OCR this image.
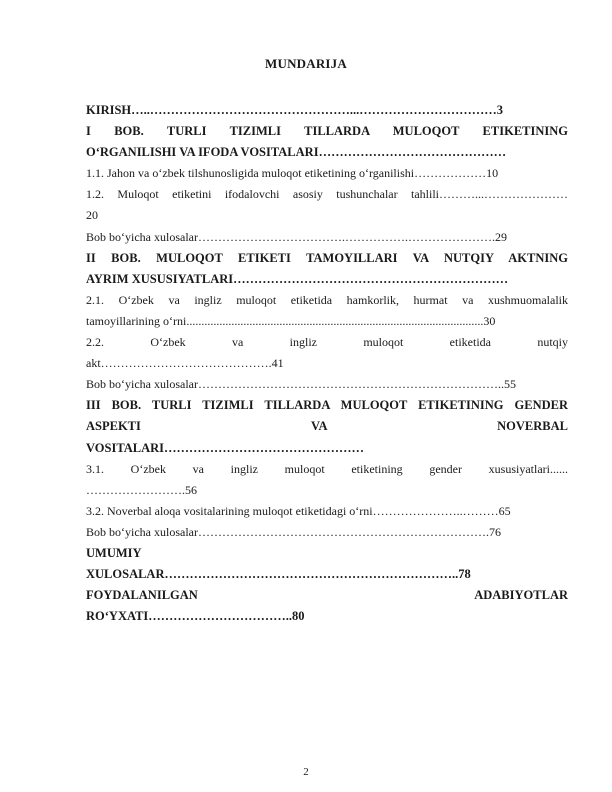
MUNDARIJA
KIRISH…..…………………………………………...……………………………3
I BOB. TURLI TIZIMLI TILLARDA MULOQOT ETIKETINING
O‘RGANILISHI VA IFODA VOSITALARI………………………………………
1.1. Jahon va o‘zbek tilshunosligida muloqot etiketining o‘rganilishi………………10
1.2. Muloqot etiketini ifodalovchi asosiy tushunchalar tahlili………...…………………
20
Bob bo‘yicha xulosalar……………………………….…………….………………….29
II BOB. MULOQOT ETIKETI TAMOYILLARI VA NUTQIY AKTNING
AYRIM XUSUSIYATLARI…………………………………………………………
2.1. O‘zbek va ingliz muloqot etiketida hamkorlik, hurmat va xushmuomalalik
tamoyillarining o‘rni...................................................................................................30
2.2. O‘zbek va ingliz muloqot etiketida nutqiy
akt…………………………………….41
Bob bo‘yicha xulosalar…………………………………………………………………..55
III BOB. TURLI TIZIMLI TILLARDA MULOQOT ETIKETINING GENDER
ASPEKTI VA NOVERBAL
VOSITALARI…………………………………………
3.1. O‘zbek va ingliz muloqot etiketining gender xususiyatlari......
…………………….56
3.2. Noverbal aloqa vositalarining muloqot etiketidagi o‘rni…………………..………65
Bob bo‘yicha xulosalar……………………………………………………………….76
UMUMIY
XULOSALAR……………………………………………………………..78
FOYDALANILGAN ADABIYOTLAR
RO‘YXATI……………………………..80
2
